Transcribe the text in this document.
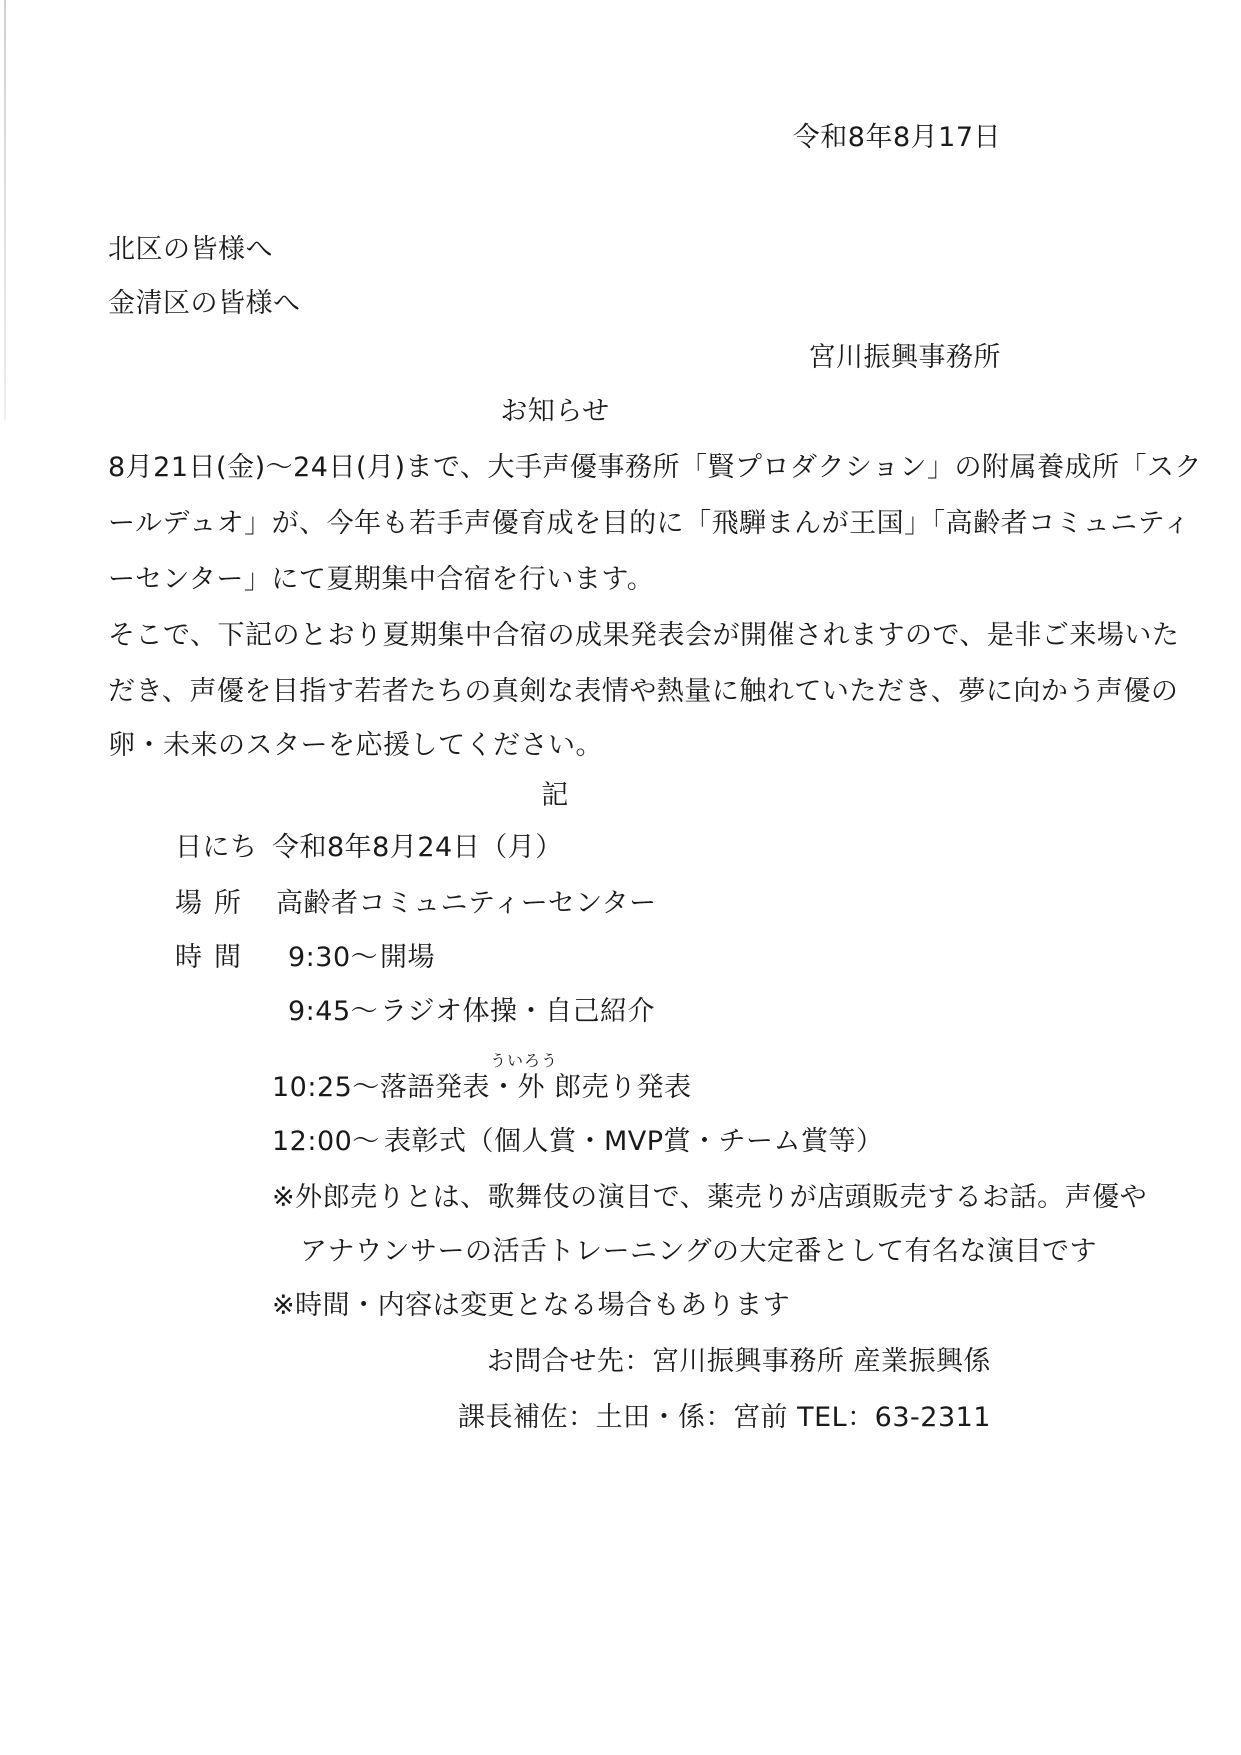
令和8年8月17日
北区の皆様へ
金清区の皆様へ
宮川振興事務所
お知らせ
8月21日(金)～24日(月)まで、大手声優事務所「賢プロダクション」の附属養成所「スク
ールデュオ」が、今年も若手声優育成を目的に「飛騨まんが王国」「高齢者コミュニティ
ーセンター」にて夏期集中合宿を行います。
そこで、下記のとおり夏期集中合宿の成果発表会が開催されますので、是非ご来場いた
だき、声優を目指す若者たちの真剣な表情や熱量に触れていただき、夢に向かう声優の
卵・未来のスターを応援してください。
記
日にち 令和8年8月24日（月）
場所 高齢者コミュニティーセンター
時間 9:30～ 開場
9:45～ ラジオ体操・自己紹介
ういろう
10:25～ 落語発表・外 郎売り発表
12:00～ 表彰式（個人賞・MVP賞・チーム賞等）
※外郎売りとは、歌舞伎の演目で、薬売りが店頭販売するお話。声優や
アナウンサーの活舌トレーニングの大定番として有名な演目です
※時間・内容は変更となる場合もあります
お問合せ先：宮川振興事務所 産業振興係
課長補佐：土田・係：宮前 TEL：63-2311
